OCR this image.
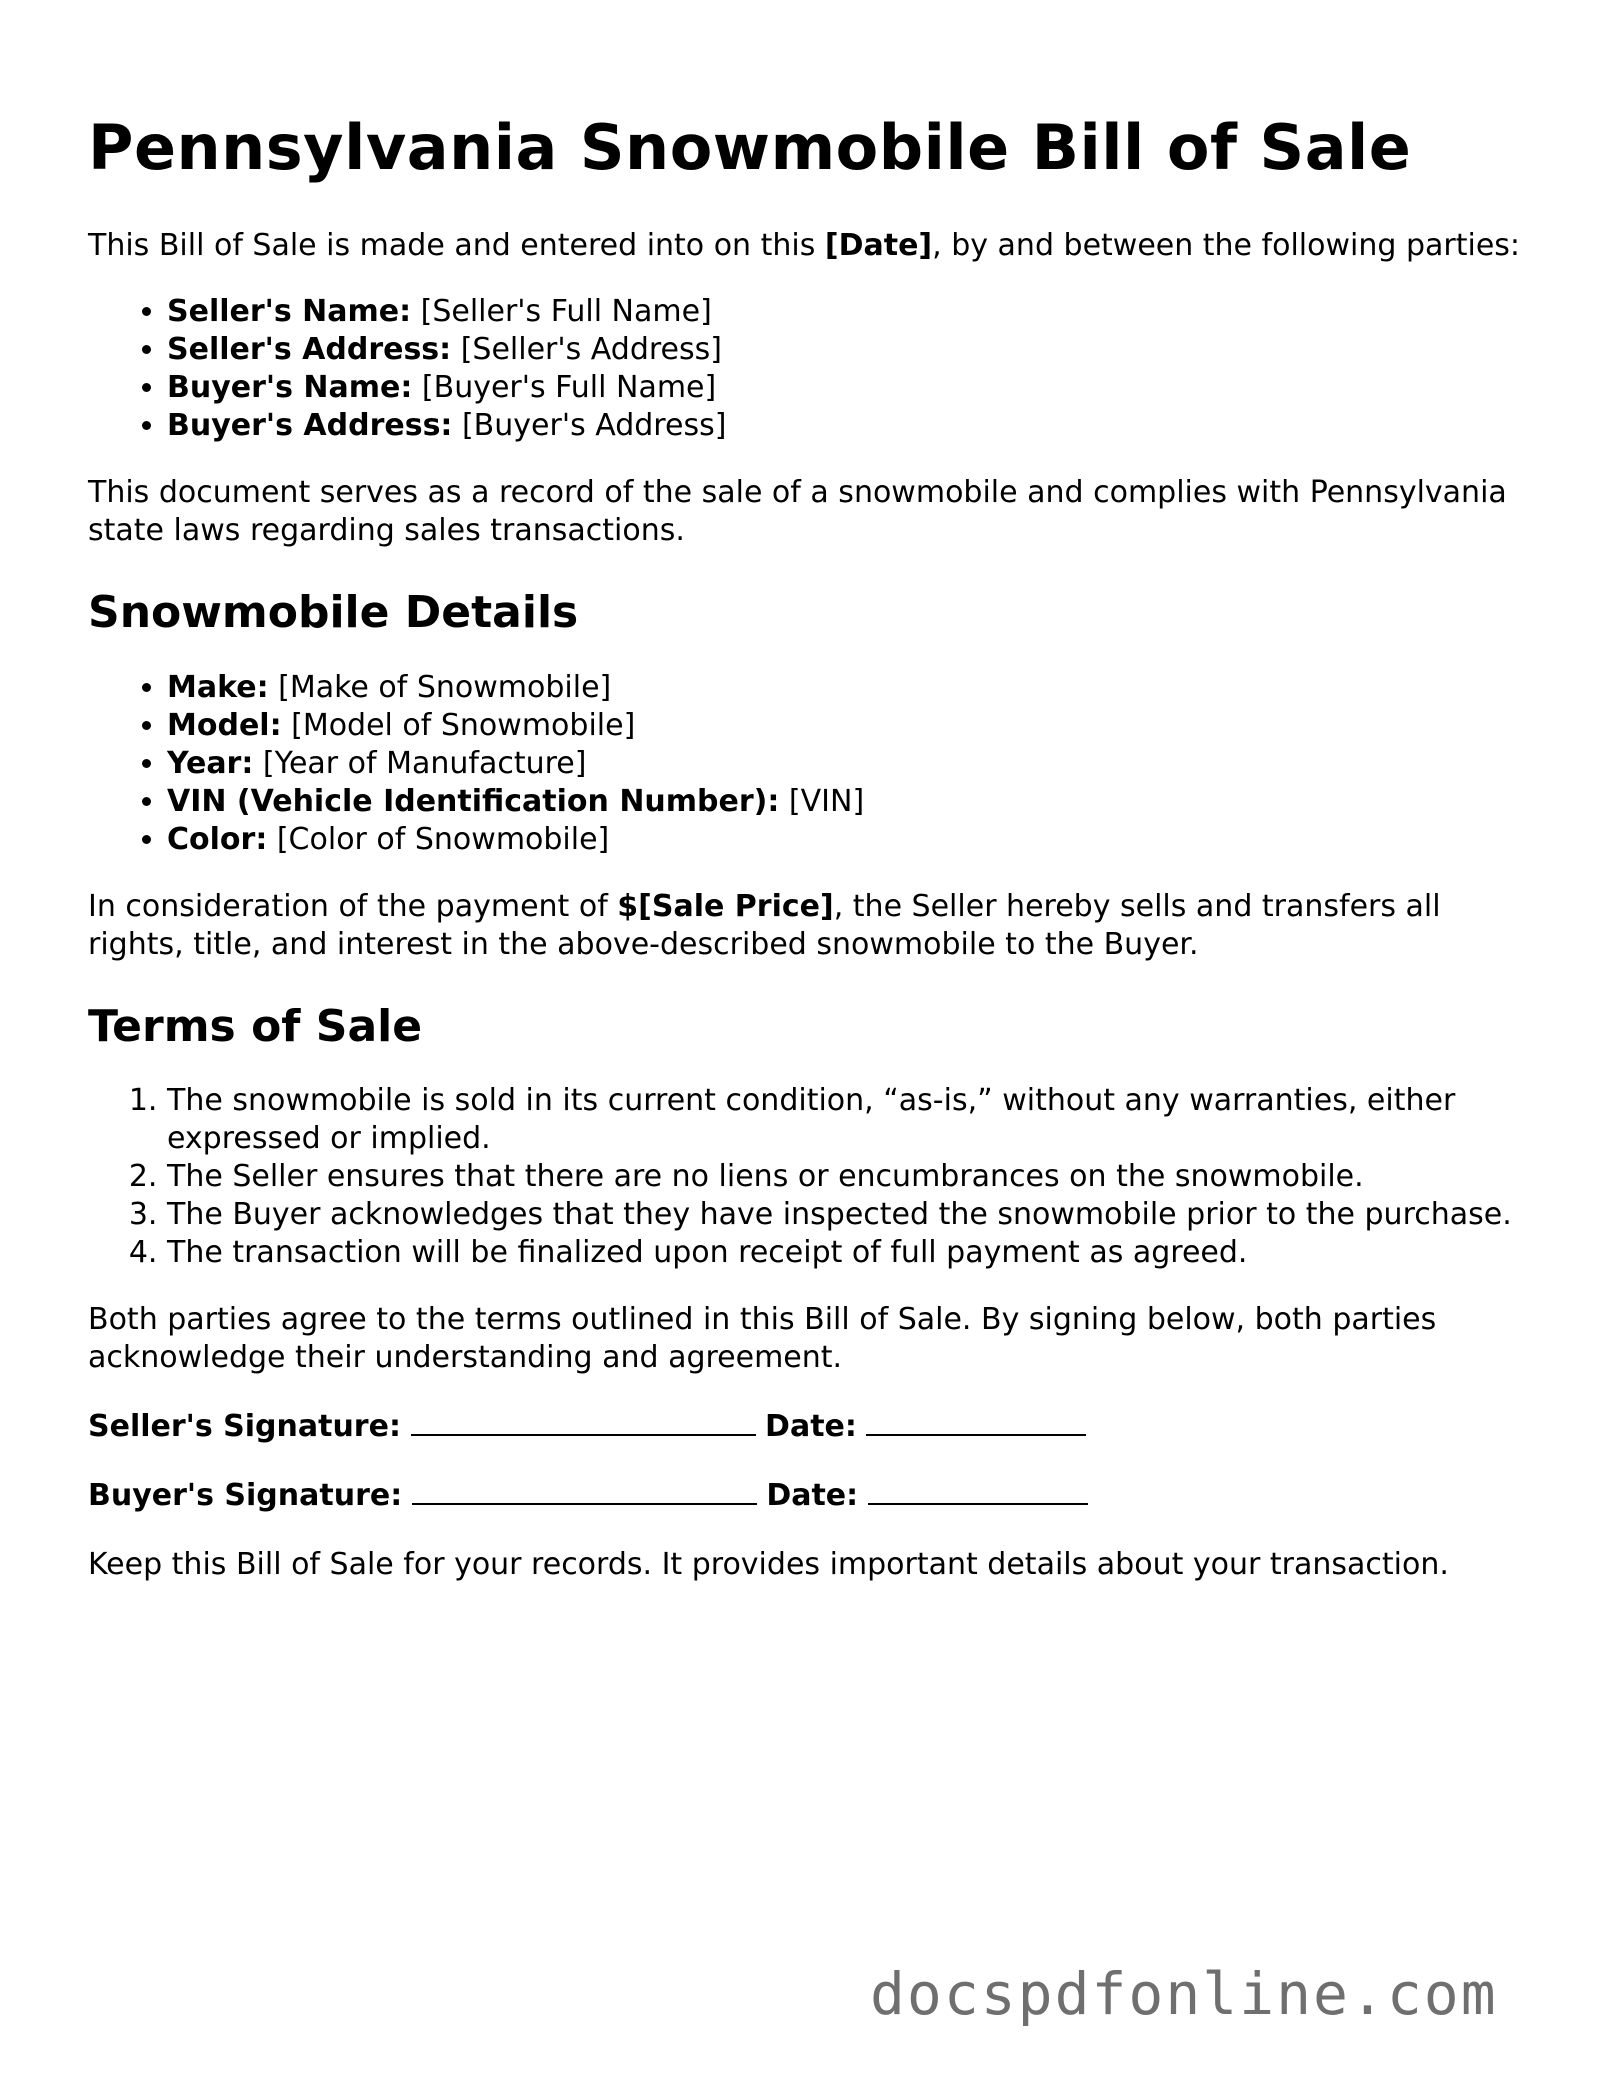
Pennsylvania Snowmobile Bill of Sale

This Bill of Sale is made and entered into on this [Date], by and between the following parties:

• Seller's Name: [Seller's Full Name]
• Seller's Address: [Seller's Address]
• Buyer's Name: [Buyer's Full Name]
• Buyer's Address: [Buyer's Address]

This document serves as a record of the sale of a snowmobile and complies with Pennsylvania state laws regarding sales transactions.

Snowmobile Details
• Make: [Make of Snowmobile]
• Model: [Model of Snowmobile]
• Year: [Year of Manufacture]
• VIN (Vehicle Identification Number): [VIN]
• Color: [Color of Snowmobile]

In consideration of the payment of $[Sale Price], the Seller hereby sells and transfers all rights, title, and interest in the above-described snowmobile to the Buyer.

Terms of Sale
1. The snowmobile is sold in its current condition, “as-is,” without any warranties, either expressed or implied.
2. The Seller ensures that there are no liens or encumbrances on the snowmobile.
3. The Buyer acknowledges that they have inspected the snowmobile prior to the purchase.
4. The transaction will be finalized upon receipt of full payment as agreed.

Both parties agree to the terms outlined in this Bill of Sale. By signing below, both parties acknowledge their understanding and agreement.

Seller's Signature:	Date:

Buyer's Signature:	Date:

Keep this Bill of Sale for your records. It provides important details about your transaction.

docspdfonline.com
